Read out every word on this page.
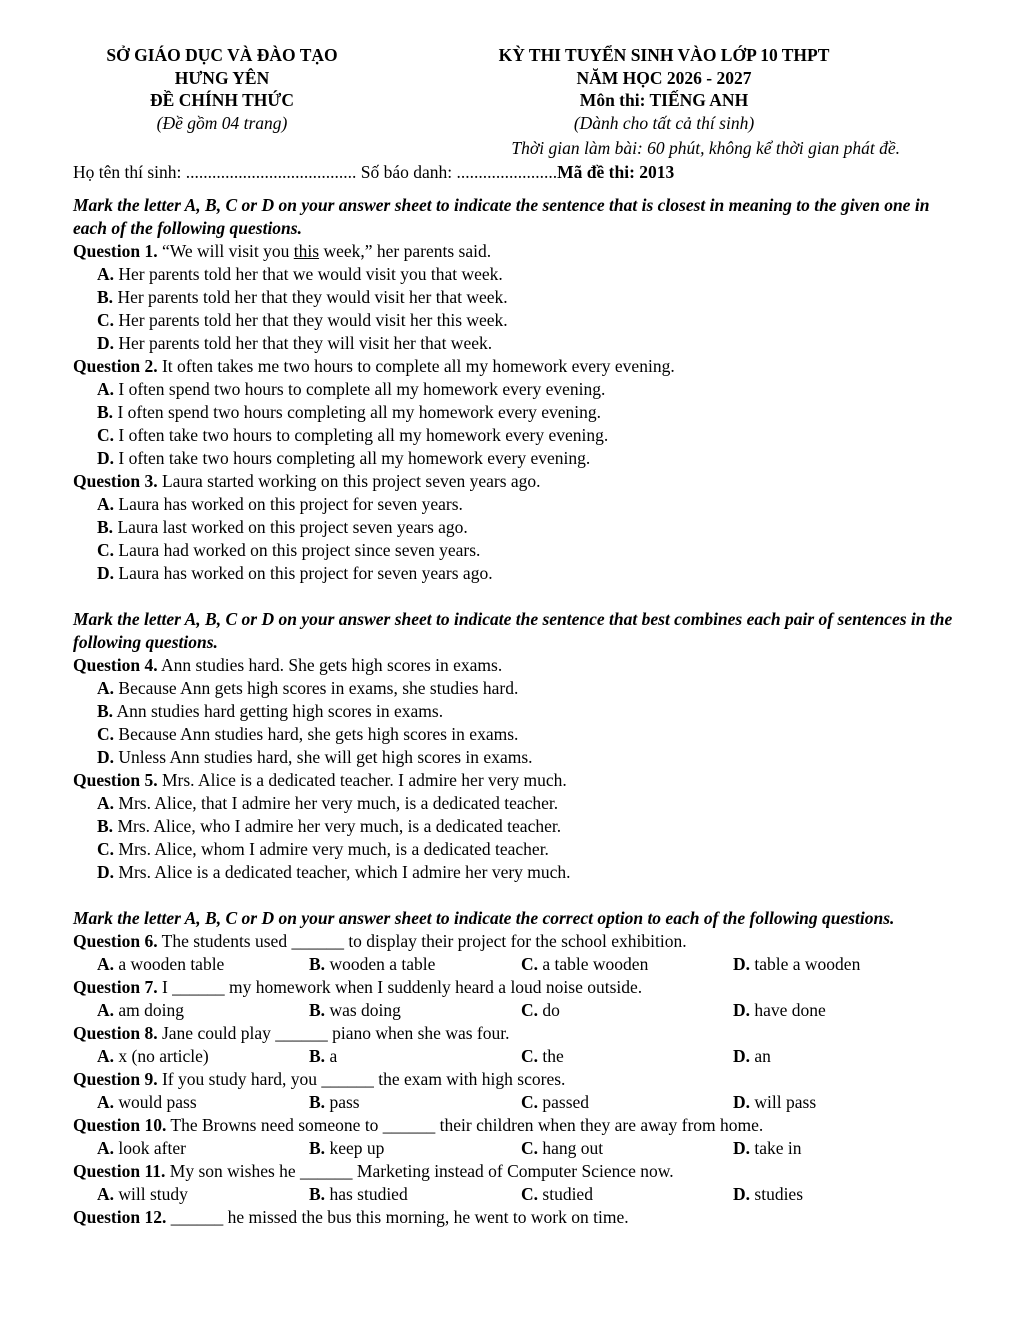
SỞ GIÁO DỤC VÀ ĐÀO TẠO
HƯNG YÊN
ĐỀ CHÍNH THỨC
(Đề gồm 04 trang)
KỲ THI TUYỂN SINH VÀO LỚP 10 THPT
NĂM HỌC 2026 - 2027
Môn thi: TIẾNG ANH
(Dành cho tất cả thí sinh)
Thời gian làm bài: 60 phút, không kể thời gian phát đề.
Họ tên thí sinh: ....................................... Số báo danh: .......................Mã đề thi: 2013
Mark the letter A, B, C or D on your answer sheet to indicate the sentence that is closest in meaning to the given one in each of the following questions.
Question 1. “We will visit you this week,” her parents said.
A. Her parents told her that we would visit you that week.
B. Her parents told her that they would visit her that week.
C. Her parents told her that they would visit her this week.
D. Her parents told her that they will visit her that week.
Question 2. It often takes me two hours to complete all my homework every evening.
A. I often spend two hours to complete all my homework every evening.
B. I often spend two hours completing all my homework every evening.
C. I often take two hours to completing all my homework every evening.
D. I often take two hours completing all my homework every evening.
Question 3. Laura started working on this project seven years ago.
A. Laura has worked on this project for seven years.
B. Laura last worked on this project seven years ago.
C. Laura had worked on this project since seven years.
D. Laura has worked on this project for seven years ago.
Mark the letter A, B, C or D on your answer sheet to indicate the sentence that best combines each pair of sentences in the following questions.
Question 4. Ann studies hard. She gets high scores in exams.
A. Because Ann gets high scores in exams, she studies hard.
B. Ann studies hard getting high scores in exams.
C. Because Ann studies hard, she gets high scores in exams.
D. Unless Ann studies hard, she will get high scores in exams.
Question 5. Mrs. Alice is a dedicated teacher. I admire her very much.
A. Mrs. Alice, that I admire her very much, is a dedicated teacher.
B. Mrs. Alice, who I admire her very much, is a dedicated teacher.
C. Mrs. Alice, whom I admire very much, is a dedicated teacher.
D. Mrs. Alice is a dedicated teacher, which I admire her very much.
Mark the letter A, B, C or D on your answer sheet to indicate the correct option to each of the following questions.
Question 6. The students used ______ to display their project for the school exhibition.
A. a wooden table	B. wooden a table	C. a table wooden	D. table a wooden
Question 7. I ______ my homework when I suddenly heard a loud noise outside.
A. am doing	B. was doing	C. do	D. have done
Question 8. Jane could play ______ piano when she was four.
A. x (no article)	B. a	C. the	D. an
Question 9. If you study hard, you ______ the exam with high scores.
A. would pass	B. pass	C. passed	D. will pass
Question 10. The Browns need someone to ______ their children when they are away from home.
A. look after	B. keep up	C. hang out	D. take in
Question 11. My son wishes he ______ Marketing instead of Computer Science now.
A. will study	B. has studied	C. studied	D. studies
Question 12. ______ he missed the bus this morning, he went to work on time.
